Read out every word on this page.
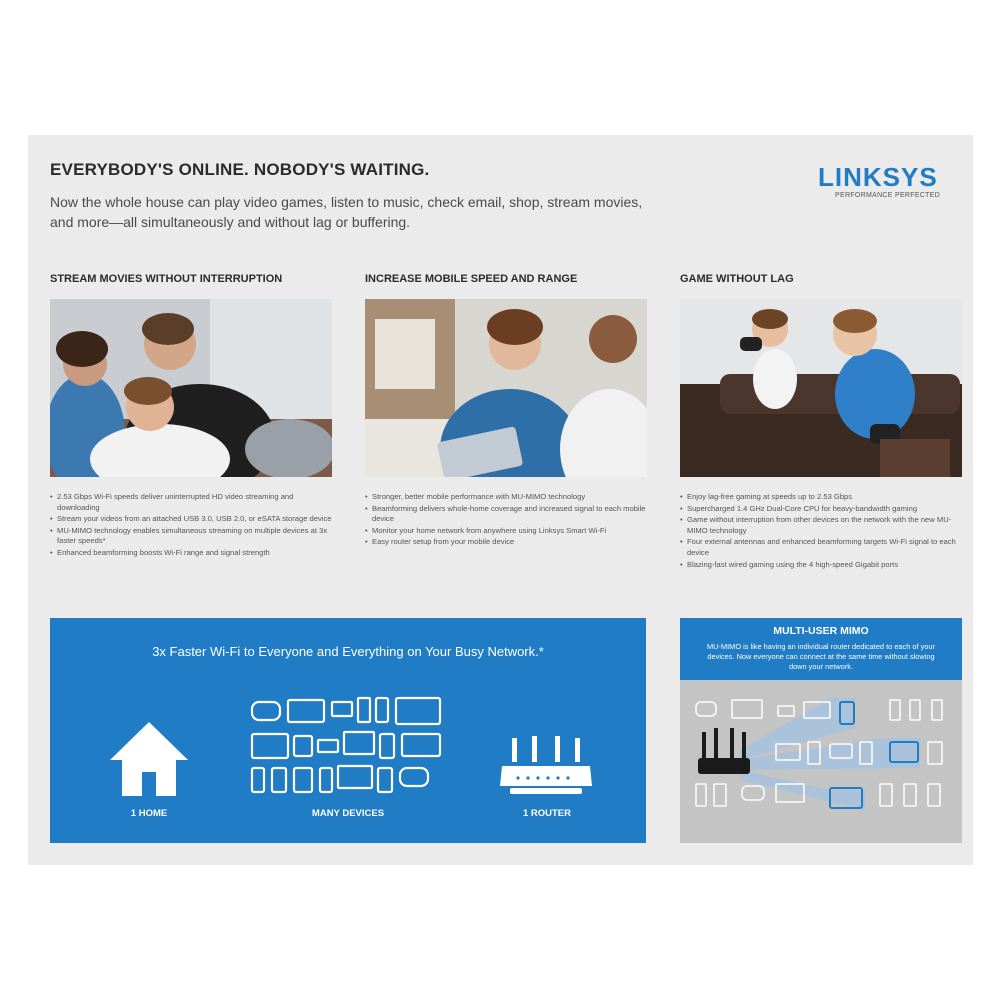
EVERYBODY'S ONLINE. NOBODY'S WAITING.
Now the whole house can play video games, listen to music, check email, shop, stream movies, and more—all simultaneously and without lag or buffering.
LINKSYS
PERFORMANCE PERFECTED
STREAM MOVIES WITHOUT INTERRUPTION
• 2.53 Gbps Wi-Fi speeds deliver uninterrupted HD video streaming and downloading
• Stream your videos from an attached USB 3.0, USB 2.0, or eSATA storage device
• MU-MIMO technology enables simultaneous streaming on multiple devices at 3x faster speeds*
• Enhanced beamforming boosts Wi-Fi range and signal strength
INCREASE MOBILE SPEED AND RANGE
• Stronger, better mobile performance with MU-MIMO technology
• Beamforming delivers whole-home coverage and increased signal to each mobile device
• Monitor your home network from anywhere using Linksys Smart Wi-Fi
• Easy router setup from your mobile device
GAME WITHOUT LAG
• Enjoy lag-free gaming at speeds up to 2.53 Gbps
• Supercharged 1.4 GHz Dual-Core CPU for heavy-bandwidth gaming
• Game without interruption from other devices on the network with the new MU-MIMO technology
• Four external antennas and enhanced beamforming targets Wi-Fi signal to each device
• Blazing-fast wired gaming using the 4 high-speed Gigabit ports
3x Faster Wi-Fi to Everyone and Everything on Your Busy Network.*
1 HOME	MANY DEVICES	1 ROUTER
MULTI-USER MIMO
MU-MIMO is like having an individual router dedicated to each of your devices. Now everyone can connect at the same time without slowing down your network.
